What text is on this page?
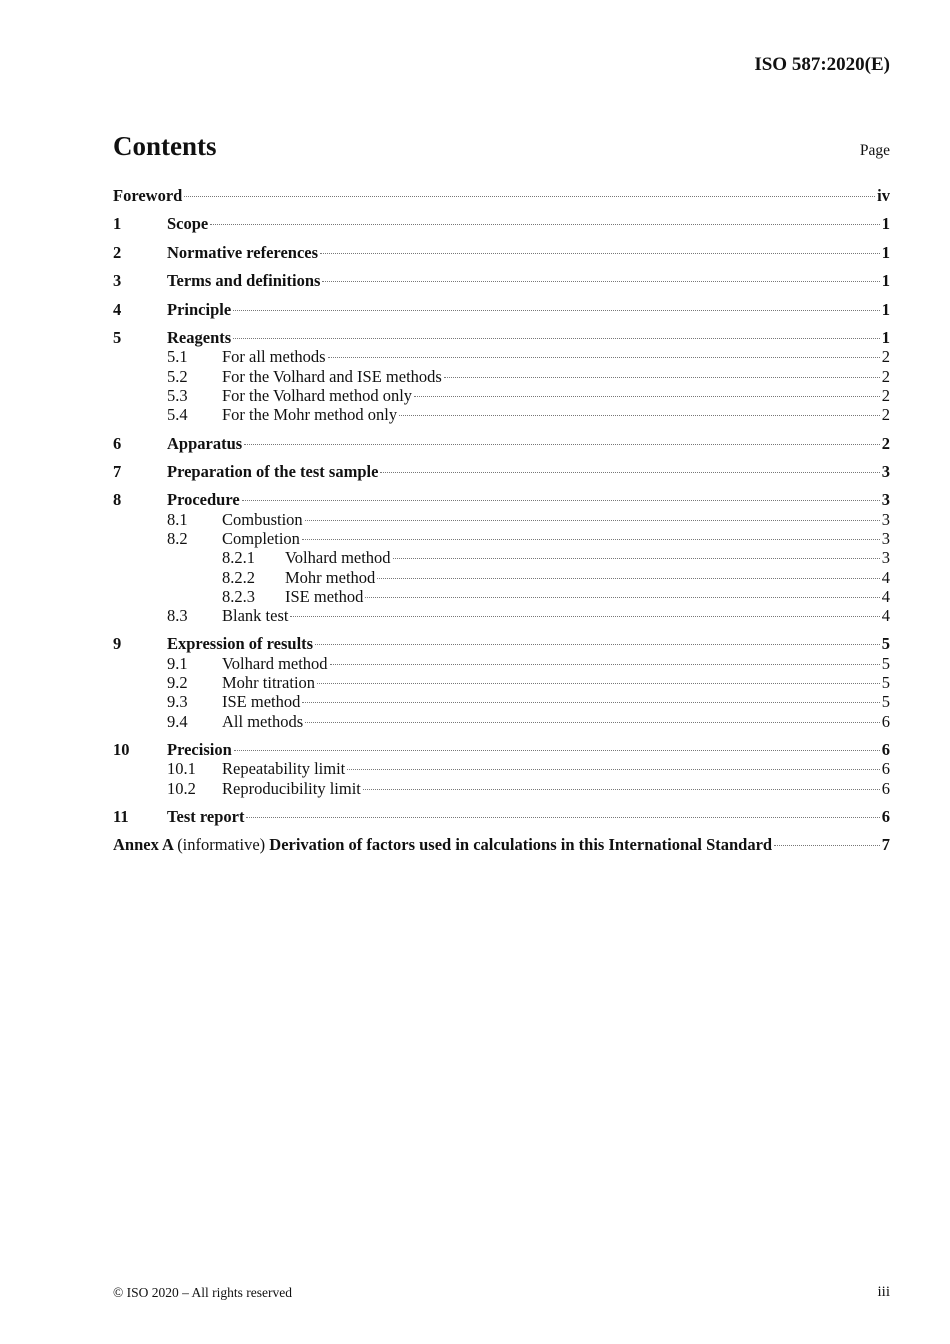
ISO 587:2020(E)
Contents	Page
Foreword	iv
1	Scope	1
2	Normative references	1
3	Terms and definitions	1
4	Principle	1
5	Reagents	1
5.1	For all methods	2
5.2	For the Volhard and ISE methods	2
5.3	For the Volhard method only	2
5.4	For the Mohr method only	2
6	Apparatus	2
7	Preparation of the test sample	3
8	Procedure	3
8.1	Combustion	3
8.2	Completion	3
8.2.1	Volhard method	3
8.2.2	Mohr method	4
8.2.3	ISE method	4
8.3	Blank test	4
9	Expression of results	5
9.1	Volhard method	5
9.2	Mohr titration	5
9.3	ISE method	5
9.4	All methods	6
10	Precision	6
10.1	Repeatability limit	6
10.2	Reproducibility limit	6
11	Test report	6
Annex A (informative) Derivation of factors used in calculations in this International Standard	7
© ISO 2020 – All rights reserved	iii
